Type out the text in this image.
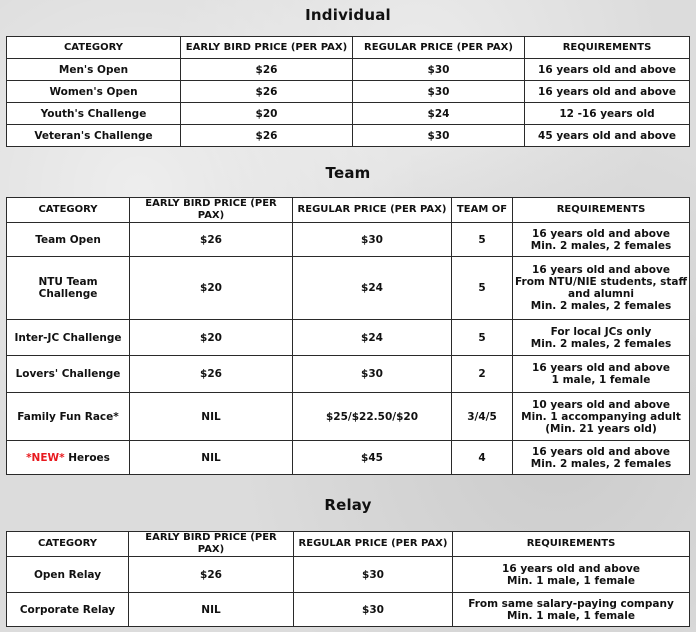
Individual
CATEGORY	EARLY BIRD PRICE (PER PAX)	REGULAR PRICE (PER PAX)	REQUIREMENTS
Men's Open	$26	$30	16 years old and above
Women's Open	$26	$30	16 years old and above
Youth's Challenge	$20	$24	12 -16 years old
Veteran's Challenge	$26	$30	45 years old and above
Team
CATEGORY	EARLY BIRD PRICE (PER PAX)	REGULAR PRICE (PER PAX)	TEAM OF	REQUIREMENTS
Team Open	$26	$30	5	16 years old and above
Min. 2 males, 2 females

NTU Team Challenge	$20	$24	5	16 years old and above
From NTU/NIE students, staff
and alumni
Min. 2 males, 2 females

Inter-JC Challenge	$20	$24	5	For local JCs only
Min. 2 males, 2 females

Lovers' Challenge	$26	$30	2	16 years old and above
1 male, 1 female

Family Fun Race*	NIL	$25/$22.50/$20	3/4/5	10 years old and above
Min. 1 accompanying adult
(Min. 21 years old)

*NEW* Heroes	NIL	$45	4	16 years old and above
Min. 2 males, 2 females
Relay
CATEGORY	EARLY BIRD PRICE (PER PAX)	REGULAR PRICE (PER PAX)	REQUIREMENTS
Open Relay	$26	$30	16 years old and above
Min. 1 male, 1 female

Corporate Relay	NIL	$30	From same salary-paying company
Min. 1 male, 1 female
